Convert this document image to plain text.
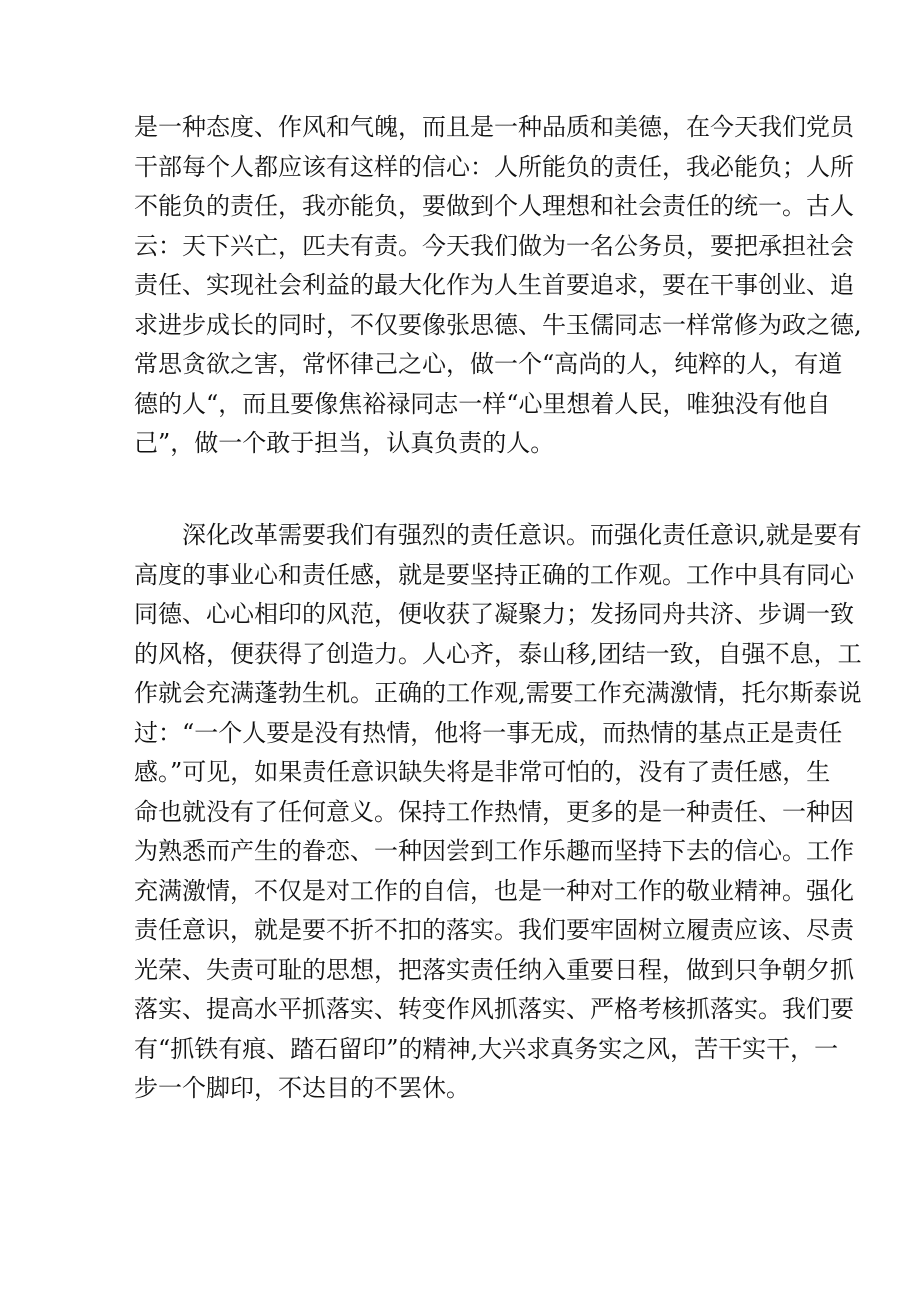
是一种态度、作风和气魄，而且是一种品质和美德，在今天我们党员
干部每个人都应该有这样的信心：人所能负的责任，我必能负；人所
不能负的责任，我亦能负，要做到个人理想和社会责任的统一。古人
云：天下兴亡，匹夫有责。今天我们做为一名公务员，要把承担社会
责任、实现社会利益的最大化作为人生首要追求，要在干事创业、追
求进步成长的同时，不仅要像张思德、牛玉儒同志一样常修为政之德,
常思贪欲之害，常怀律己之心，做一个“高尚的人，纯粹的人，有道
德的人“，而且要像焦裕禄同志一样“心里想着人民，唯独没有他自
己”，做一个敢于担当，认真负责的人。
　　深化改革需要我们有强烈的责任意识。而强化责任意识,就是要有
高度的事业心和责任感，就是要坚持正确的工作观。工作中具有同心
同德、心心相印的风范，便收获了凝聚力；发扬同舟共济、步调一致
的风格，便获得了创造力。人心齐，泰山移,团结一致，自强不息，工
作就会充满蓬勃生机。正确的工作观,需要工作充满激情，托尔斯泰说
过：“一个人要是没有热情，他将一事无成，而热情的基点正是责任
感。”可见，如果责任意识缺失将是非常可怕的，没有了责任感，生
命也就没有了任何意义。保持工作热情，更多的是一种责任、一种因
为熟悉而产生的眷恋、一种因尝到工作乐趣而坚持下去的信心。工作
充满激情，不仅是对工作的自信，也是一种对工作的敬业精神。强化
责任意识，就是要不折不扣的落实。我们要牢固树立履责应该、尽责
光荣、失责可耻的思想，把落实责任纳入重要日程，做到只争朝夕抓
落实、提高水平抓落实、转变作风抓落实、严格考核抓落实。我们要
有“抓铁有痕、踏石留印”的精神,大兴求真务实之风，苦干实干，一
步一个脚印，不达目的不罢休。
